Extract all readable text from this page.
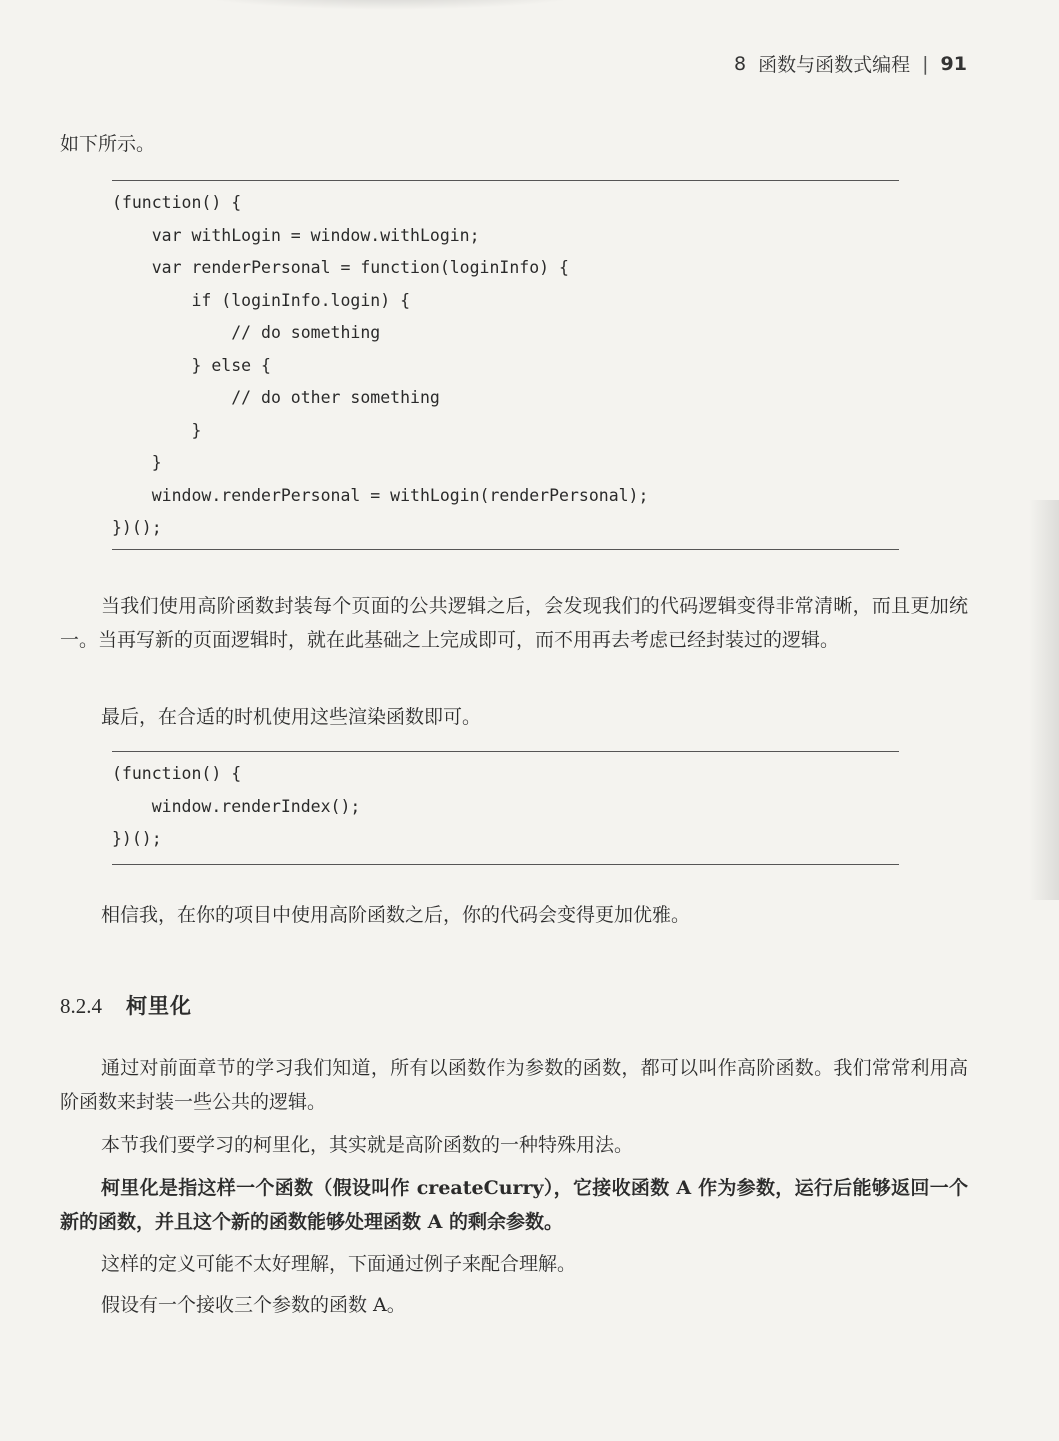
8 函数与函数式编程 | 91

如下所示。

(function() {
var withLogin = window.withLogin;
var renderPersonal = function(loginInfo) {
if (loginInfo.login) {
// do something
} else {
// do other something
}
}
window.renderPersonal = withLogin(renderPersonal);
})();

当我们使用高阶函数封装每个页面的公共逻辑之后，会发现我们的代码逻辑变得非常清晰，而且更加统一。当再写新的页面逻辑时，就在此基础之上完成即可，而不用再去考虑已经封装过的逻辑。

最后，在合适的时机使用这些渲染函数即可。

(function() {
window.renderIndex();
})();

相信我，在你的项目中使用高阶函数之后，你的代码会变得更加优雅。

8.2.4 柯里化

通过对前面章节的学习我们知道，所有以函数作为参数的函数，都可以叫作高阶函数。我们常常利用高阶函数来封装一些公共的逻辑。

本节我们要学习的柯里化，其实就是高阶函数的一种特殊用法。

柯里化是指这样一个函数（假设叫作 createCurry），它接收函数 A 作为参数，运行后能够返回一个新的函数，并且这个新的函数能够处理函数 A 的剩余参数。

这样的定义可能不太好理解，下面通过例子来配合理解。

假设有一个接收三个参数的函数 A。
